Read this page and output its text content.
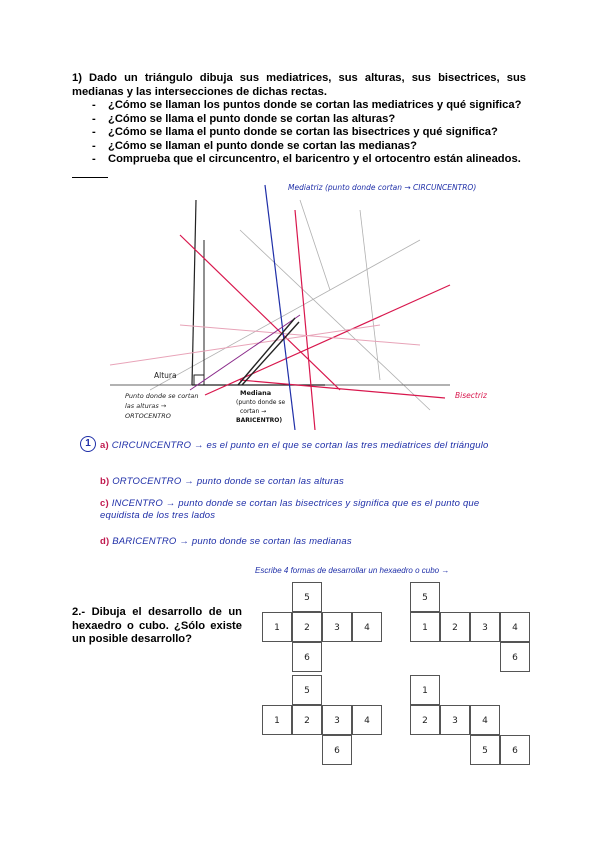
1) Dado un triángulo dibuja sus mediatrices, sus alturas, sus bisectrices, sus medianas y las intersecciones de dichas rectas.
- ¿Cómo se llaman los puntos donde se cortan las mediatrices y qué significa?
- ¿Cómo se llama el punto donde se cortan las alturas?
- ¿Cómo se llama el punto donde se cortan las bisectrices y qué significa?
- ¿Cómo se llaman el punto donde se cortan las medianas?
- Comprueba que el circuncentro, el baricentro y el ortocentro están alineados.
Mediatriz (punto donde cortan → CIRCUNCENTRO)
Altura
Punto donde se cortan
las alturas →
ORTOCENTRO
Mediana
(punto donde se
cortan →
BARICENTRO)
Bisectriz
1 a) CIRCUNCENTRO → es el punto en el que se cortan las tres mediatrices del triángulo
b) ORTOCENTRO → punto donde se cortan las alturas
c) INCENTRO → punto donde se cortan las bisectrices y significa que es el punto que equidista de los tres lados
d) BARICENTRO → punto donde se cortan las medianas
2.- Dibuja el desarrollo de un hexaedro o cubo. ¿Sólo existe un posible desarrollo?
Escribe 4 formas de desarrollar un hexaedro o cubo →
5
1	2	3	4
6
5
1	2	3	4
6
5
1	2	3	4
6
1
2	3	4
5	6
